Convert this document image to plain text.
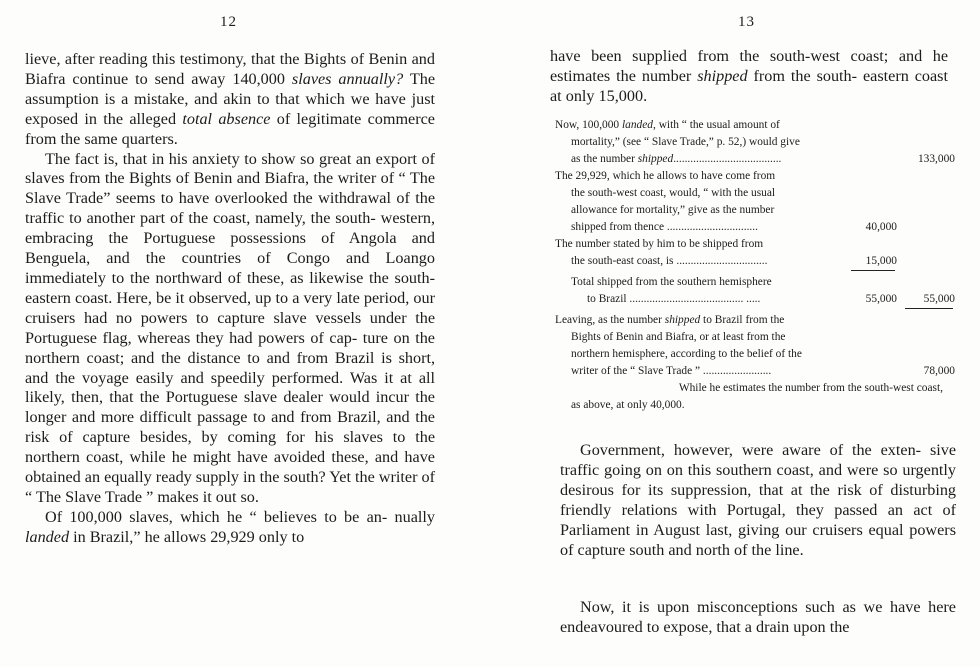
12
lieve, after reading this testimony, that the Bights of Benin and Biafra continue to send away 140,000 slaves annually? The assumption is a mistake, and akin to that which we have just exposed in the alleged total absence of legitimate commerce from the same quarters.
The fact is, that in his anxiety to show so great an export of slaves from the Bights of Benin and Biafra, the writer of “ The Slave Trade” seems to have overlooked the withdrawal of the traffic to another part of the coast, namely, the south- western, embracing the Portuguese possessions of Angola and Benguela, and the countries of Congo and Loango immediately to the northward of these, as likewise the south-eastern coast. Here, be it observed, up to a very late period, our cruisers had no powers to capture slave vessels under the Portuguese flag, whereas they had powers of cap- ture on the northern coast; and the distance to and from Brazil is short, and the voyage easily and speedily performed. Was it at all likely, then, that the Portuguese slave dealer would incur the longer and more difficult passage to and from Brazil, and the risk of capture besides, by coming for his slaves to the northern coast, while he might have avoided these, and have obtained an equally ready supply in the south? Yet the writer of “ The Slave Trade ” makes it out so.
Of 100,000 slaves, which he “ believes to be an- nually landed in Brazil,” he allows 29,929 only to
13
have been supplied from the south-west coast; and he estimates the number shipped from the south- eastern coast at only 15,000.
Now, 100,000 landed, with “ the usual amount of
mortality,” (see “ Slave Trade,” p. 52,) would give
as the number shipped......................................	133,000
The 29,929, which he allows to have come from
the south-west coast, would, “ with the usual
allowance for mortality,” give as the number
shipped from thence ................................	40,000
The number stated by him to be shipped from
the south-east coast, is ................................	15,000
Total shipped from the southern hemisphere
to Brazil ........................................ .....	55,000	55,000
Leaving, as the number shipped to Brazil from the
Bights of Benin and Biafra, or at least from the
northern hemisphere, according to the belief of the
writer of the “ Slave Trade ” ........................	78,000
While he estimates the number from the south-west coast,
as above, at only 40,000.
Government, however, were aware of the exten- sive traffic going on on this southern coast, and were so urgently desirous for its suppression, that at the risk of disturbing friendly relations with Portugal, they passed an act of Parliament in August last, giving our cruisers equal powers of capture south and north of the line.
Now, it is upon misconceptions such as we have here endeavoured to expose, that a drain upon the
